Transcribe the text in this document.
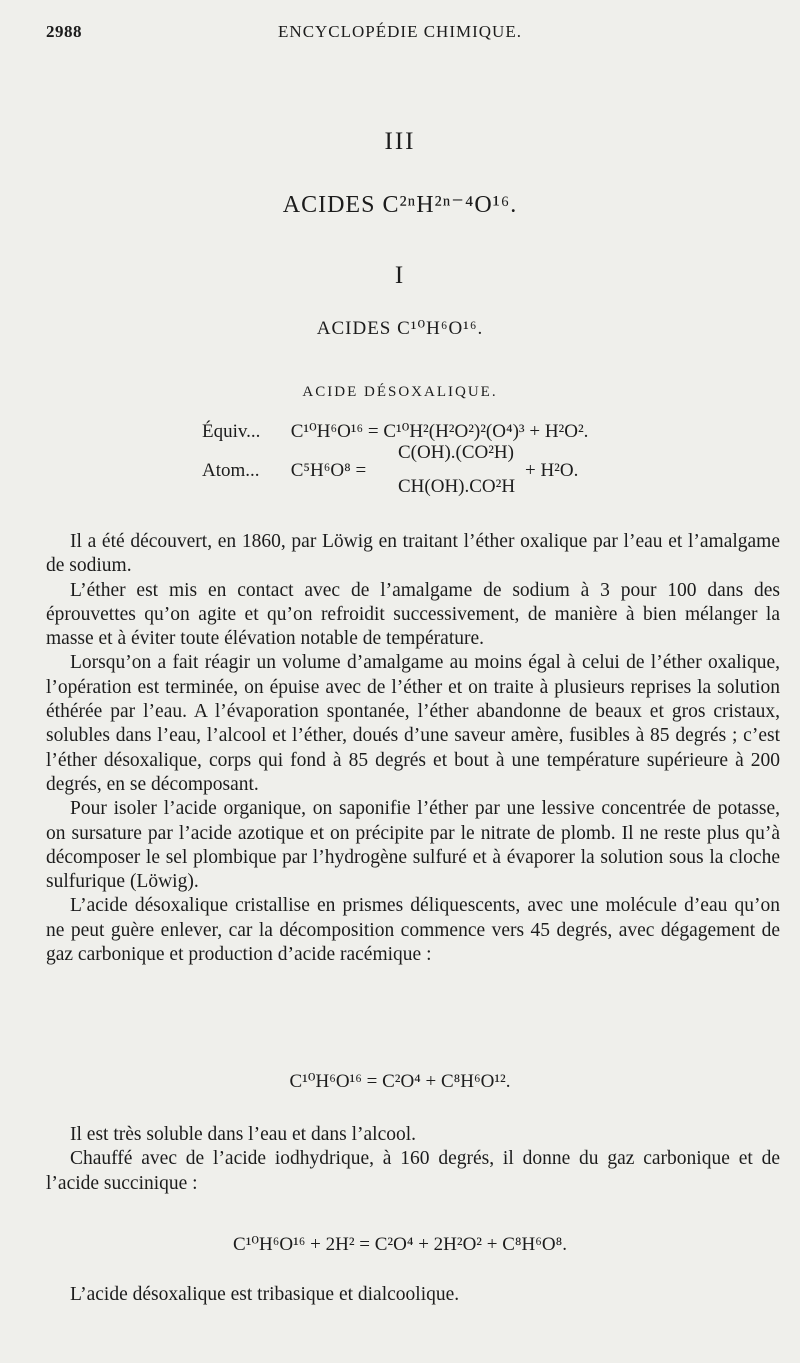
2988	ENCYCLOPÉDIE CHIMIQUE.
III
ACIDES C²ⁿH²ⁿ⁻⁴O¹⁶.
I
ACIDES C¹⁰H⁶O¹⁶.
ACIDE DÉSOXALIQUE.
Équiv... C¹⁰H⁶O¹⁶ = C¹⁰H²(H²O²)²(O⁴)³ + H²O².
Atom... C⁵H⁶O⁸ =
C(OH).(CO²H)
CH(OH).CO²H
+ H²O.

Il a été découvert, en 1860, par Löwig en traitant l’éther oxalique par l’eau et l’amalgame de sodium.

L’éther est mis en contact avec de l’amalgame de sodium à 3 pour 100 dans des éprouvettes qu’on agite et qu’on refroidit successivement, de manière à bien mélanger la masse et à éviter toute élévation notable de température.

Lorsqu’on a fait réagir un volume d’amalgame au moins égal à celui de l’éther oxalique, l’opération est terminée, on épuise avec de l’éther et on traite à plusieurs reprises la solution éthérée par l’eau. A l’évaporation spontanée, l’éther abandonne de beaux et gros cristaux, solubles dans l’eau, l’alcool et l’éther, doués d’une saveur amère, fusibles à 85 degrés ; c’est l’éther désoxalique, corps qui fond à 85 degrés et bout à une température supérieure à 200 degrés, en se décomposant.

Pour isoler l’acide organique, on saponifie l’éther par une lessive concentrée de potasse, on sursature par l’acide azotique et on précipite par le nitrate de plomb. Il ne reste plus qu’à décomposer le sel plombique par l’hydrogène sulfuré et à évaporer la solution sous la cloche sulfurique (Löwig).

L’acide désoxalique cristallise en prismes déliquescents, avec une molécule d’eau qu’on ne peut guère enlever, car la décomposition commence vers 45 degrés, avec dégagement de gaz carbonique et production d’acide racémique :

C¹⁰H⁶O¹⁶ = C²O⁴ + C⁸H⁶O¹².

Il est très soluble dans l’eau et dans l’alcool.

Chauffé avec de l’acide iodhydrique, à 160 degrés, il donne du gaz carbonique et de l’acide succinique :

C¹⁰H⁶O¹⁶ + 2H² = C²O⁴ + 2H²O² + C⁸H⁶O⁸.

L’acide désoxalique est tribasique et dialcoolique.
